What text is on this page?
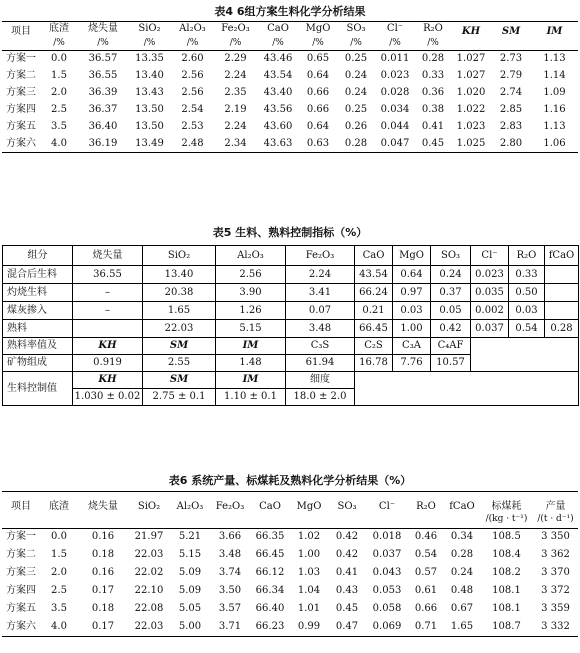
表4 6组方案生料化学分析结果
项目	底渣	烧失量	SiO₂	Al₂O₃	Fe₂O₃	CaO	MgO	SO₃	Cl⁻	R₂O	KH	SM	IM
	/%	/%	/%	/%	/%	/%	/%	/%	/%	/%			
方案一	0.0	36.57	13.35	2.60	2.29	43.46	0.65	0.25	0.011	0.28	1.027	2.73	1.13
方案二	1.5	36.55	13.40	2.56	2.24	43.54	0.64	0.24	0.023	0.33	1.027	2.79	1.14
方案三	2.0	36.39	13.43	2.56	2.35	43.40	0.66	0.24	0.028	0.36	1.020	2.74	1.09
方案四	2.5	36.37	13.50	2.54	2.19	43.56	0.66	0.25	0.034	0.38	1.022	2.85	1.16
方案五	3.5	36.40	13.50	2.53	2.24	43.60	0.64	0.26	0.044	0.41	1.023	2.83	1.13
方案六	4.0	36.19	13.49	2.48	2.34	43.63	0.63	0.28	0.047	0.45	1.025	2.80	1.06
表5 生料、熟料控制指标（%）
组分	烧失量	SiO₂	Al₂O₃	Fe₂O₃	CaO	MgO	SO₃	Cl⁻	R₂O	fCaO
混合后生料	36.55	13.40	2.56	2.24	43.54	0.64	0.24	0.023	0.33	
灼烧生料	–	20.38	3.90	3.41	66.24	0.97	0.37	0.035	0.50	
煤灰掺入	–	1.65	1.26	0.07	0.21	0.03	0.05	0.002	0.03	
熟料		22.03	5.15	3.48	66.45	1.00	0.42	0.037	0.54	0.28
熟料率值及	KH	SM	IM	C₃S	C₂S	C₃A	C₄AF			
矿物组成	0.919	2.55	1.48	61.94	16.78	7.76	10.57			
生料控制值	KH	SM	IM	细度						
	1.030 ± 0.02	2.75 ± 0.1	1.10 ± 0.1	18.0 ± 2.0						
表6 系统产量、标煤耗及熟料化学分析结果（%）
项目	底渣	烧失量	SiO₂	Al₂O₃	Fe₂O₃	CaO	MgO	SO₃	Cl⁻	R₂O	fCaO	标煤耗	产量
												/(kg · t⁻¹)	/(t · d⁻¹)
方案一	0.0	0.16	21.97	5.21	3.66	66.35	1.02	0.42	0.018	0.46	0.34	108.5	3 350
方案二	1.5	0.18	22.03	5.15	3.48	66.45	1.00	0.42	0.037	0.54	0.28	108.4	3 362
方案三	2.0	0.16	22.02	5.09	3.74	66.12	1.03	0.41	0.043	0.57	0.24	108.2	3 370
方案四	2.5	0.17	22.10	5.09	3.50	66.34	1.04	0.43	0.053	0.61	0.48	108.1	3 372
方案五	3.5	0.18	22.08	5.05	3.57	66.40	1.01	0.45	0.058	0.66	0.67	108.1	3 359
方案六	4.0	0.17	22.03	5.00	3.71	66.23	0.99	0.47	0.069	0.71	1.65	108.7	3 332
